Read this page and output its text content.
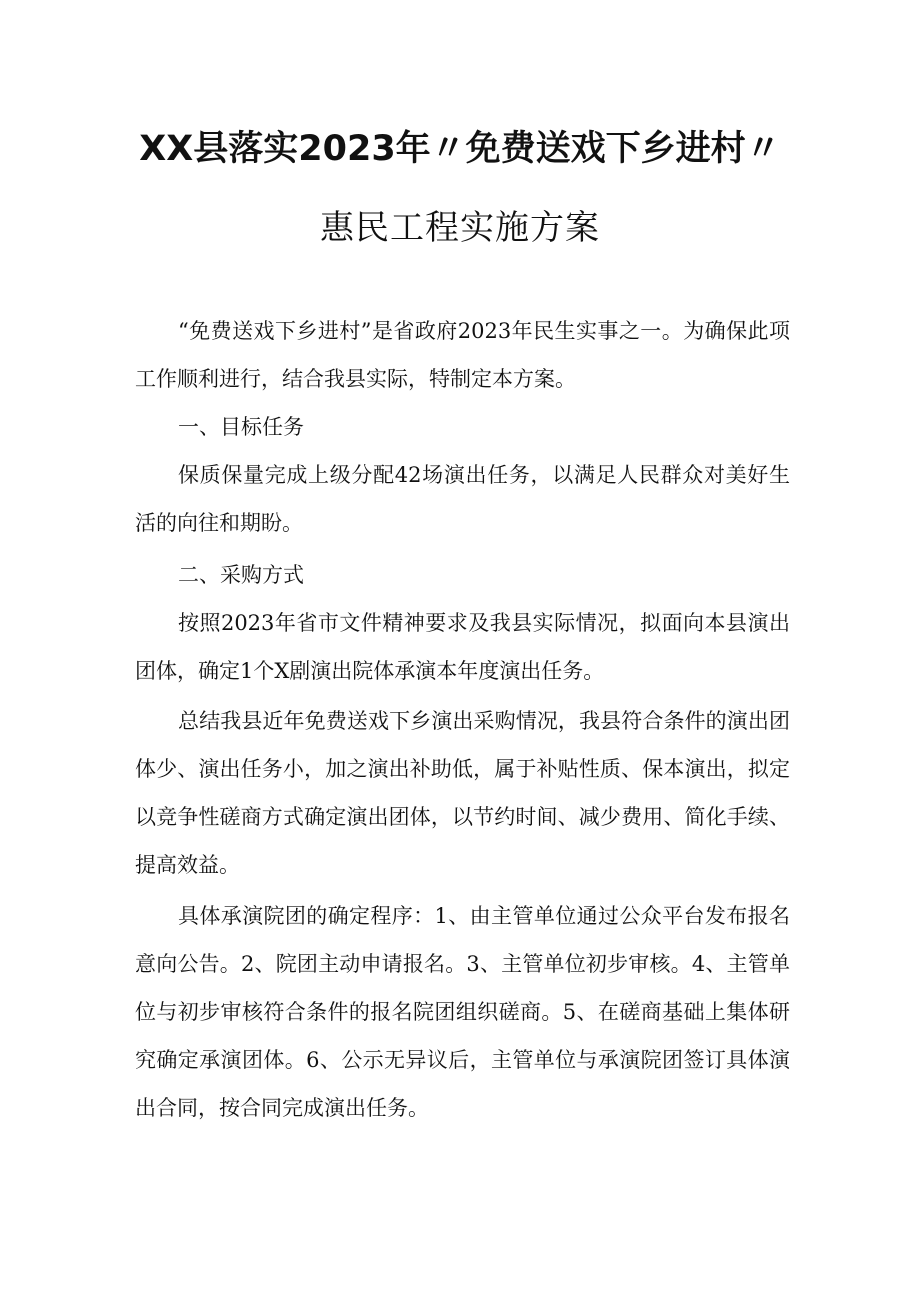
XX县落实2023年〃免费送戏下乡进村〃
惠民工程实施方案

“免费送戏下乡进村”是省政府2023年民生实事之一。为确保此项工作顺利进行，结合我县实际，特制定本方案。

一、目标任务

保质保量完成上级分配42场演出任务，以满足人民群众对美好生活的向往和期盼。

二、采购方式

按照2023年省市文件精神要求及我县实际情况，拟面向本县演出团体，确定1个X剧演出院体承演本年度演出任务。

总结我县近年免费送戏下乡演出采购情况，我县符合条件的演出团体少、演出任务小，加之演出补助低，属于补贴性质、保本演出，拟定以竞争性磋商方式确定演出团体，以节约时间、减少费用、简化手续、提高效益。

具体承演院团的确定程序：1、由主管单位通过公众平台发布报名意向公告。2、院团主动申请报名。3、主管单位初步审核。4、主管单位与初步审核符合条件的报名院团组织磋商。5、在磋商基础上集体研究确定承演团体。6、公示无异议后，主管单位与承演院团签订具体演出合同，按合同完成演出任务。
